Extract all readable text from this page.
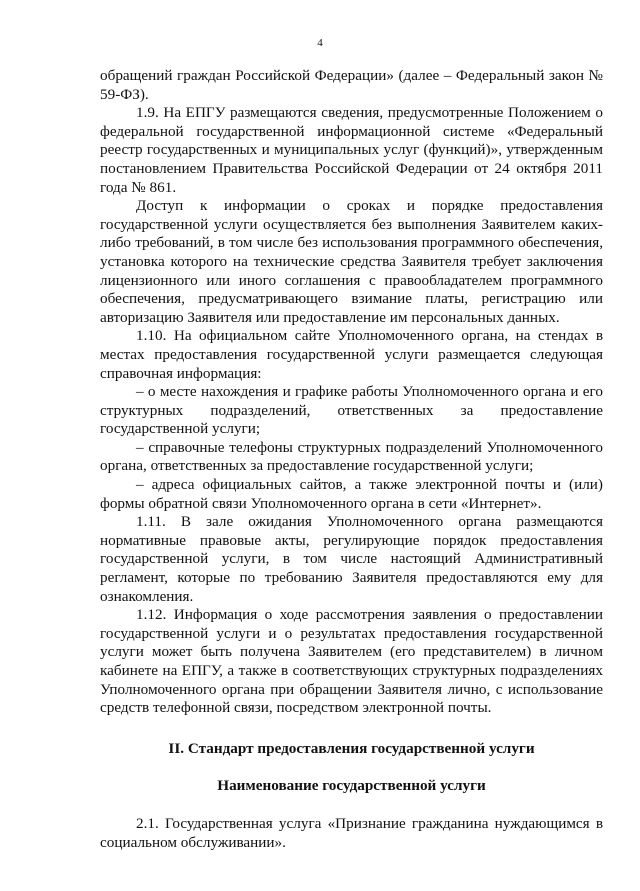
4

обращений граждан Российской Федерации» (далее – Федеральный закон № 59-ФЗ).

1.9. На ЕПГУ размещаются сведения, предусмотренные Положением о федеральной государственной информационной системе «Федеральный реестр государственных и муниципальных услуг (функций)», утвержденным постановлением Правительства Российской Федерации от 24 октября 2011 года № 861.

Доступ к информации о сроках и порядке предоставления государственной услуги осуществляется без выполнения Заявителем каких-либо требований, в том числе без использования программного обеспечения, установка которого на технические средства Заявителя требует заключения лицензионного или иного соглашения с правообладателем программного обеспечения, предусматривающего взимание платы, регистрацию или авторизацию Заявителя или предоставление им персональных данных.

1.10. На официальном сайте Уполномоченного органа, на стендах в местах предоставления государственной услуги размещается следующая справочная информация:

– о месте нахождения и графике работы Уполномоченного органа и его структурных подразделений, ответственных за предоставление государственной услуги;

– справочные телефоны структурных подразделений Уполномоченного органа, ответственных за предоставление государственной услуги;

– адреса официальных сайтов, а также электронной почты и (или) формы обратной связи Уполномоченного органа в сети «Интернет».

1.11. В зале ожидания Уполномоченного органа размещаются нормативные правовые акты, регулирующие порядок предоставления государственной услуги, в том числе настоящий Административный регламент, которые по требованию Заявителя предоставляются ему для ознакомления.

1.12. Информация о ходе рассмотрения заявления о предоставлении государственной услуги и о результатах предоставления государственной услуги может быть получена Заявителем (его представителем) в личном кабинете на ЕПГУ, а также в соответствующих структурных подразделениях Уполномоченного органа при обращении Заявителя лично, с использование средств телефонной связи, посредством электронной почты.

II. Стандарт предоставления государственной услуги
Наименование государственной услуги

2.1. Государственная услуга «Признание гражданина нуждающимся в социальном обслуживании».
